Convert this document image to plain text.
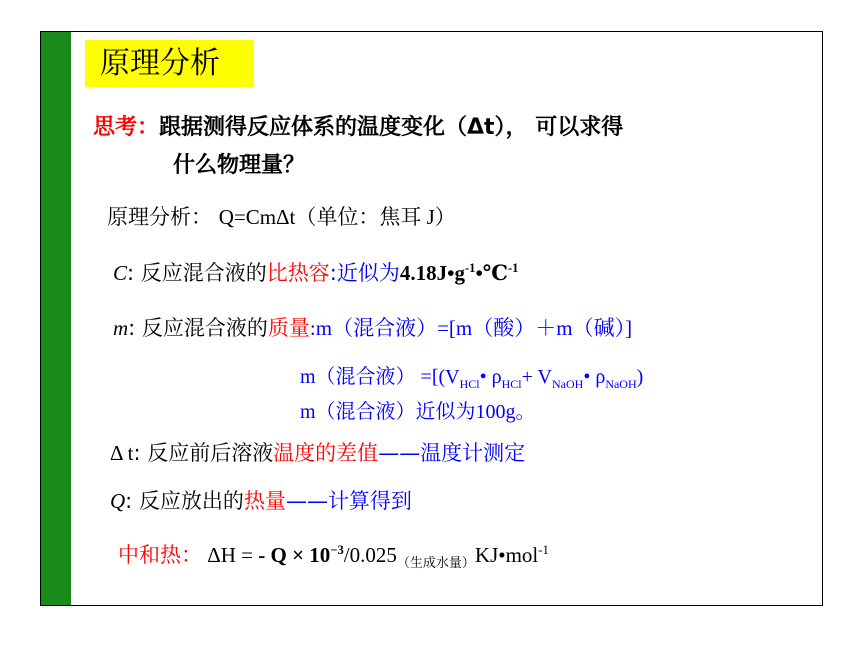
原理分析
思考：跟据测得反应体系的温度变化（Δt）， 可以求得
什么物理量？
原理分析： Q=CmΔt（单位：焦耳 J）
C: 反应混合液的比热容:近似为$4.18J•g^{-1}•℃^{-1}$
m: 反应混合液的质量:m（混合液）=[m（酸）＋m（碱）]
m（混合液） $=[(V_{HCl}•$ $\rho_{HCl}+$ $V_{NaOH}•$ $\rho_{NaOH}$)
m（混合液）近似为100g。
Δ t: 反应前后溶液温度的差值——温度计测定
Q: 反应放出的热量——计算得到
中和热： ΔH = - $Q \times 10^{-3}/0.025_{(生成水量)}KJ•mol^{-1}$
